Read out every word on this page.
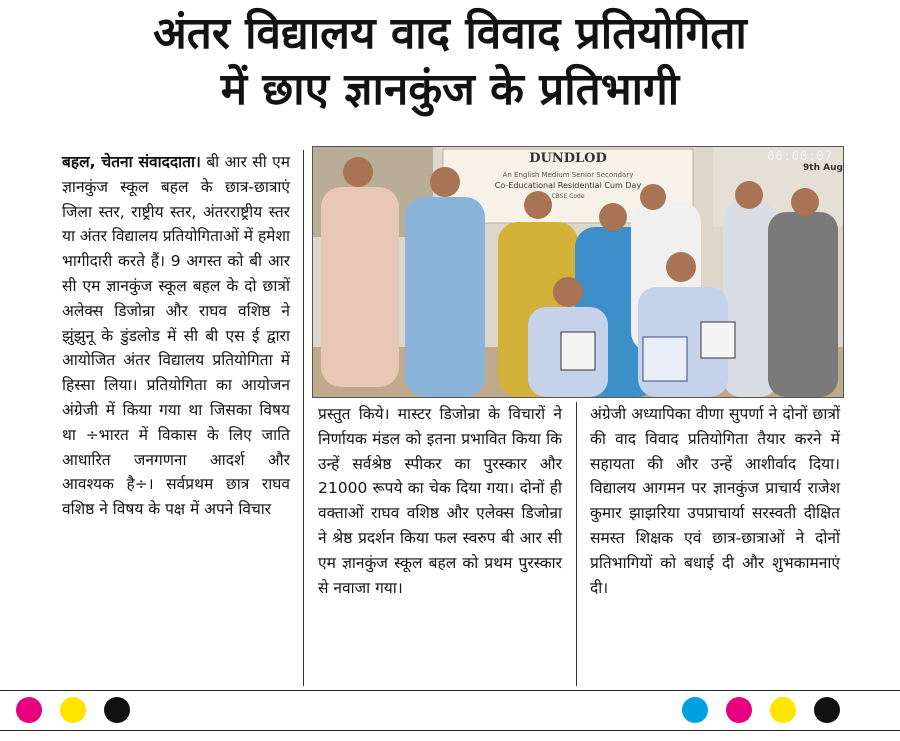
अंतर विद्यालय वाद विवाद प्रतियोगिता
में छाए ज्ञानकुंज के प्रतिभागी
बहल, चेतना संवाददाता। बी आर सी एम ज्ञानकुंज स्कूल बहल के छात्र-छात्राएं जिला स्तर, राष्ट्रीय स्तर, अंतरराष्ट्रीय स्तर या अंतर विद्यालय प्रतियोगिताओं में हमेशा भागीदारी करते हैं। 9 अगस्त को बी आर सी एम ज्ञानकुंज स्कूल बहल के दो छात्रों अलेक्स डिजोन्रा और राघव वशिष्ठ ने झुंझुनू के डुंडलोड में सी बी एस ई द्वारा आयोजित अंतर विद्यालय प्रतियोगिता में हिस्सा लिया। प्रतियोगिता का आयोजन अंग्रेजी में किया गया था जिसका विषय था ÷भारत में विकास के लिए जाति आधारित जनगणना आदर्श और आवश्यक है÷। सर्वप्रथम छात्र राघव वशिष्ठ ने विषय के पक्ष में अपने विचार
00:00:07
DUNDLOD
An English Medium Senior Secondary
Co-Educational Residential Cum Day
CBSE Code
9th Aug
प्रस्तुत किये। मास्टर डिजोन्रा के विचारों ने निर्णायक मंडल को इतना प्रभावित किया कि उन्हें सर्वश्रेष्ठ स्पीकर का पुरस्कार और 21000 रूपये का चेक दिया गया। दोनों ही वक्ताओं राघव वशिष्ठ और एलेक्स डिजोन्रा ने श्रेष्ठ प्रदर्शन किया फल स्वरुप बी आर सी एम ज्ञानकुंज स्कूल बहल को प्रथम पुरस्कार से नवाजा गया।
अंग्रेजी अध्यापिका वीणा सुपर्णा ने दोनों छात्रों की वाद विवाद प्रतियोगिता तैयार करने में सहायता की और उन्हें आशीर्वाद दिया। विद्यालय आगमन पर ज्ञानकुंज प्राचार्य राजेश कुमार झाझरिया उपप्राचार्या सरस्वती दीक्षित समस्त शिक्षक एवं छात्र-छात्राओं ने दोनों प्रतिभागियों को बधाई दी और शुभकामनाएं दी।
